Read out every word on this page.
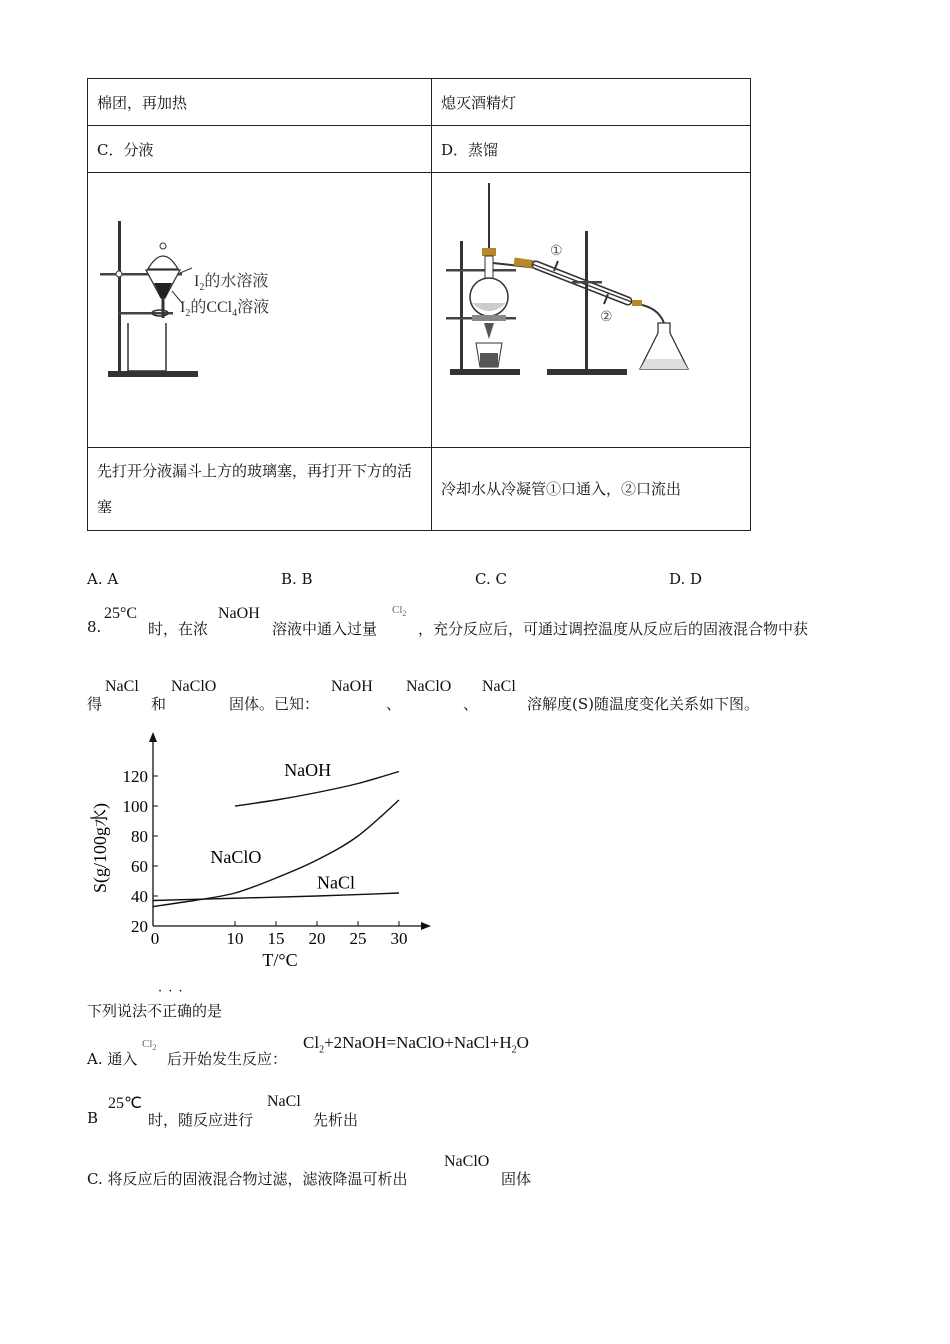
棉团，再加热	熄灭酒精灯
C．分液	D．蒸馏

$I_2$的水溶液
$I_2$的CCl$_4$溶液	①
②

先打开分液漏斗上方的玻璃塞，再打开下方的活塞	冷却水从冷凝管①口通入，②口流出
A. A	B. B	C. C	D. D
8.
25°C
时，在浓
NaOH
溶液中通入过量
$Cl_2$
，充分反应后，可通过调控温度从反应后的固液混合物中获
得
NaCl
和
NaClO
固体。已知：
NaOH
、
NaClO
、
NaCl
溶解度(S)随温度变化关系如下图。
0	10 15 20 25 30
20
40
60
80
100
120
T/°C
S(g/100g水)
NaOH
NaClO
NaCl
· · ·
下列说法不正确的是
A. 通入
$Cl_2$
后开始发生反应：
$Cl_2+2NaOH=NaClO+NaCl+H_2O$
B
25℃
时，随反应进行
NaCl
先析出
C. 将反应后的固液混合物过滤，滤液降温可析出
NaClO
固体
